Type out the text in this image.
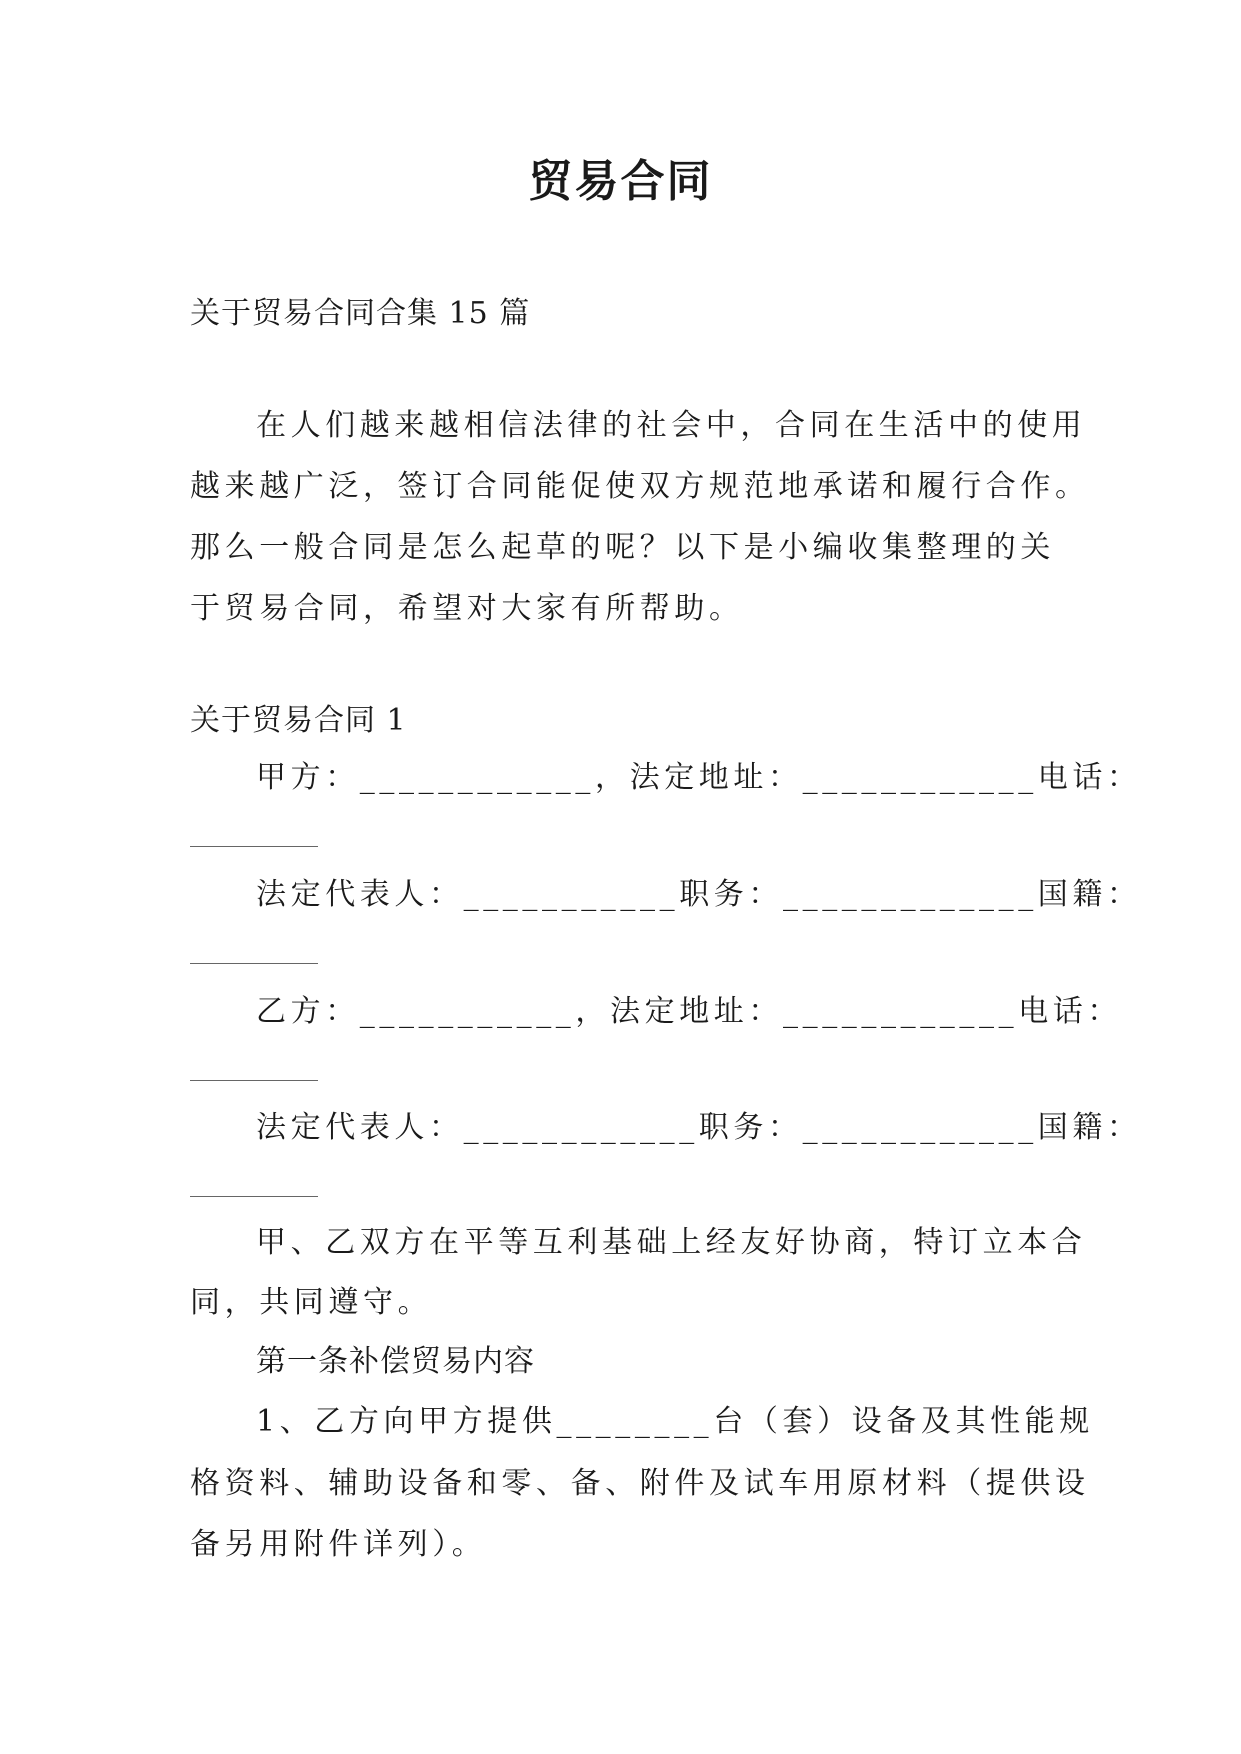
贸易合同
关于贸易合同合集 15 篇
在人们越来越相信法律的社会中，合同在生活中的使用
越来越广泛，签订合同能促使双方规范地承诺和履行合作。
那么一般合同是怎么起草的呢？以下是小编收集整理的关
于贸易合同，希望对大家有所帮助。
关于贸易合同 1
甲方：____________，法定地址：____________电话：
法定代表人：___________职务：_____________国籍：
乙方：___________，法定地址：____________电话：
法定代表人：____________职务：____________国籍：
甲、乙双方在平等互利基础上经友好协商，特订立本合
同，共同遵守。
第一条补偿贸易内容
1、乙方向甲方提供________台（套）设备及其性能规
格资料、辅助设备和零、备、附件及试车用原材料（提供设
备另用附件详列）。
